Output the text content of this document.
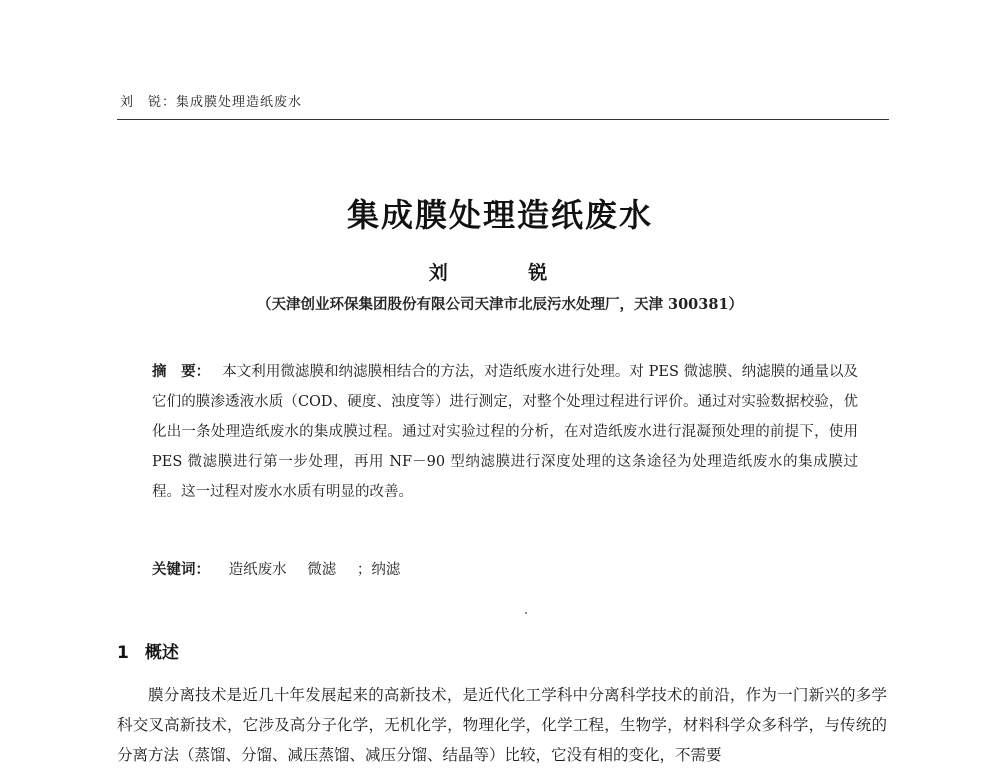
刘　锐：集成膜处理造纸废水
集成膜处理造纸废水
刘 锐
（天津创业环保集团股份有限公司天津市北辰污水处理厂，天津 300381）
摘　要： 本文利用微滤膜和纳滤膜相结合的方法，对造纸废水进行处理。对 PES 微滤膜、纳滤膜的通量以及它们的膜渗透液水质（COD、硬度、浊度等）进行测定，对整个处理过程进行评价。通过对实验数据校验，优化出一条处理造纸废水的集成膜过程。通过对实验过程的分析，在对造纸废水进行混凝预处理的前提下，使用 PES 微滤膜进行第一步处理，再用 NF－90 型纳滤膜进行深度处理的这条途径为处理造纸废水的集成膜过程。这一过程对废水水质有明显的改善。
关键词： 造纸废水 微滤 ；纳滤
1 概述
膜分离技术是近几十年发展起来的高新技术，是近代化工学科中分离科学技术的前沿，作为一门新兴的多学科交叉高新技术，它涉及高分子化学，无机化学，物理化学，化学工程，生物学，材料科学众多科学，与传统的分离方法（蒸馏、分馏、减压蒸馏、减压分馏、结晶等）比较，它没有相的变化，不需要
